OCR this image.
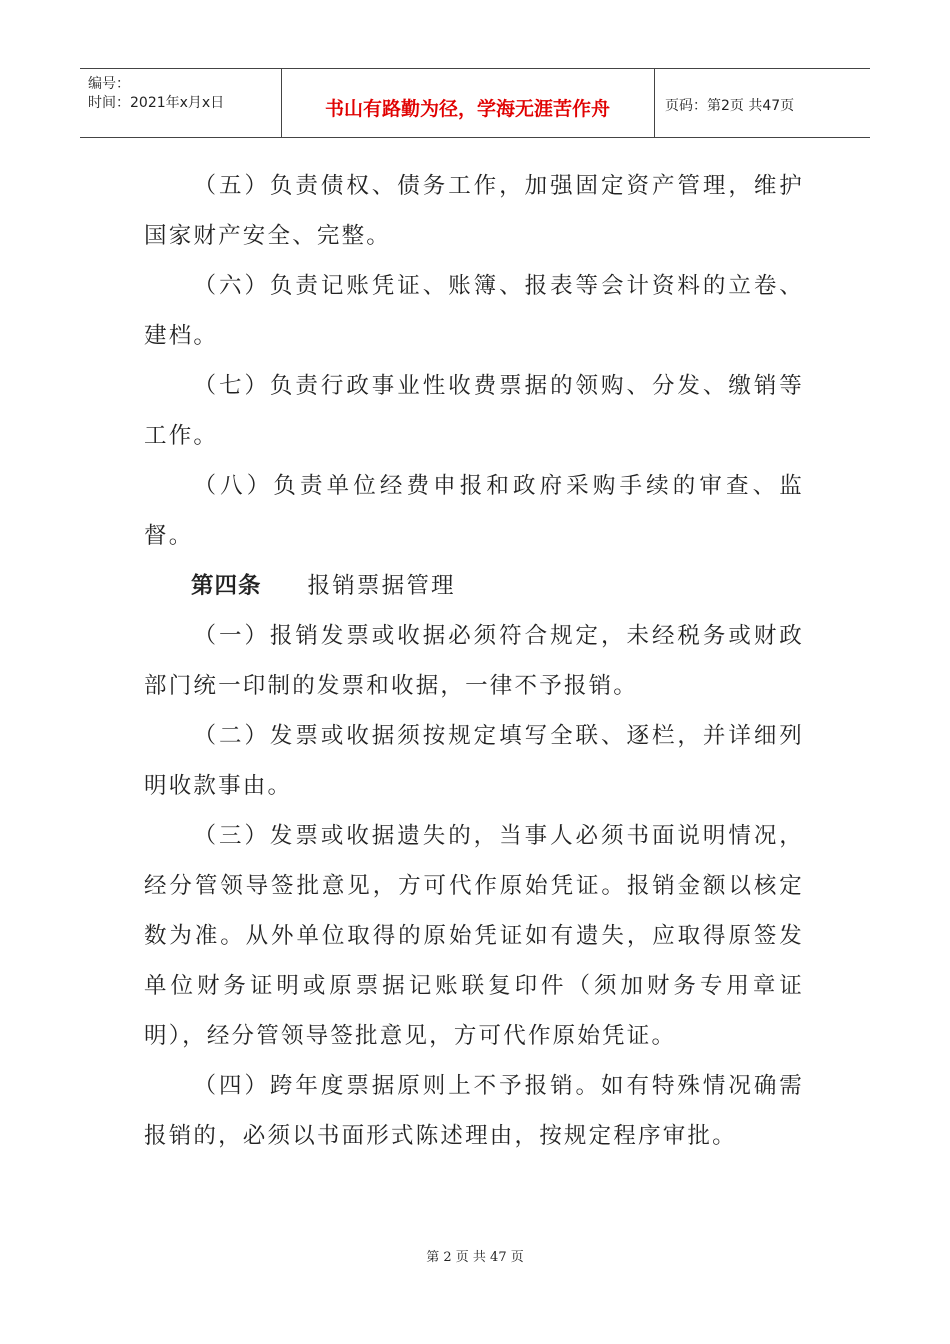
编号：
时间：2021年x月x日	书山有路勤为径，学海无涯苦作舟	页码：第2页 共47页

（五）负责债权、债务工作，加强固定资产管理，维护国家财产安全、完整。

（六）负责记账凭证、账簿、报表等会计资料的立卷、建档。

（七）负责行政事业性收费票据的领购、分发、缴销等工作。

（八）负责单位经费申报和政府采购手续的审查、监督。

第四条 报销票据管理

（一）报销发票或收据必须符合规定，未经税务或财政部门统一印制的发票和收据，一律不予报销。

（二）发票或收据须按规定填写全联、逐栏，并详细列明收款事由。

（三）发票或收据遗失的，当事人必须书面说明情况，经分管领导签批意见，方可代作原始凭证。报销金额以核定数为准。从外单位取得的原始凭证如有遗失，应取得原签发单位财务证明或原票据记账联复印件（须加财务专用章证明），经分管领导签批意见，方可代作原始凭证。

（四）跨年度票据原则上不予报销。如有特殊情况确需报销的，必须以书面形式陈述理由，按规定程序审批。

第 2 页 共 47 页
